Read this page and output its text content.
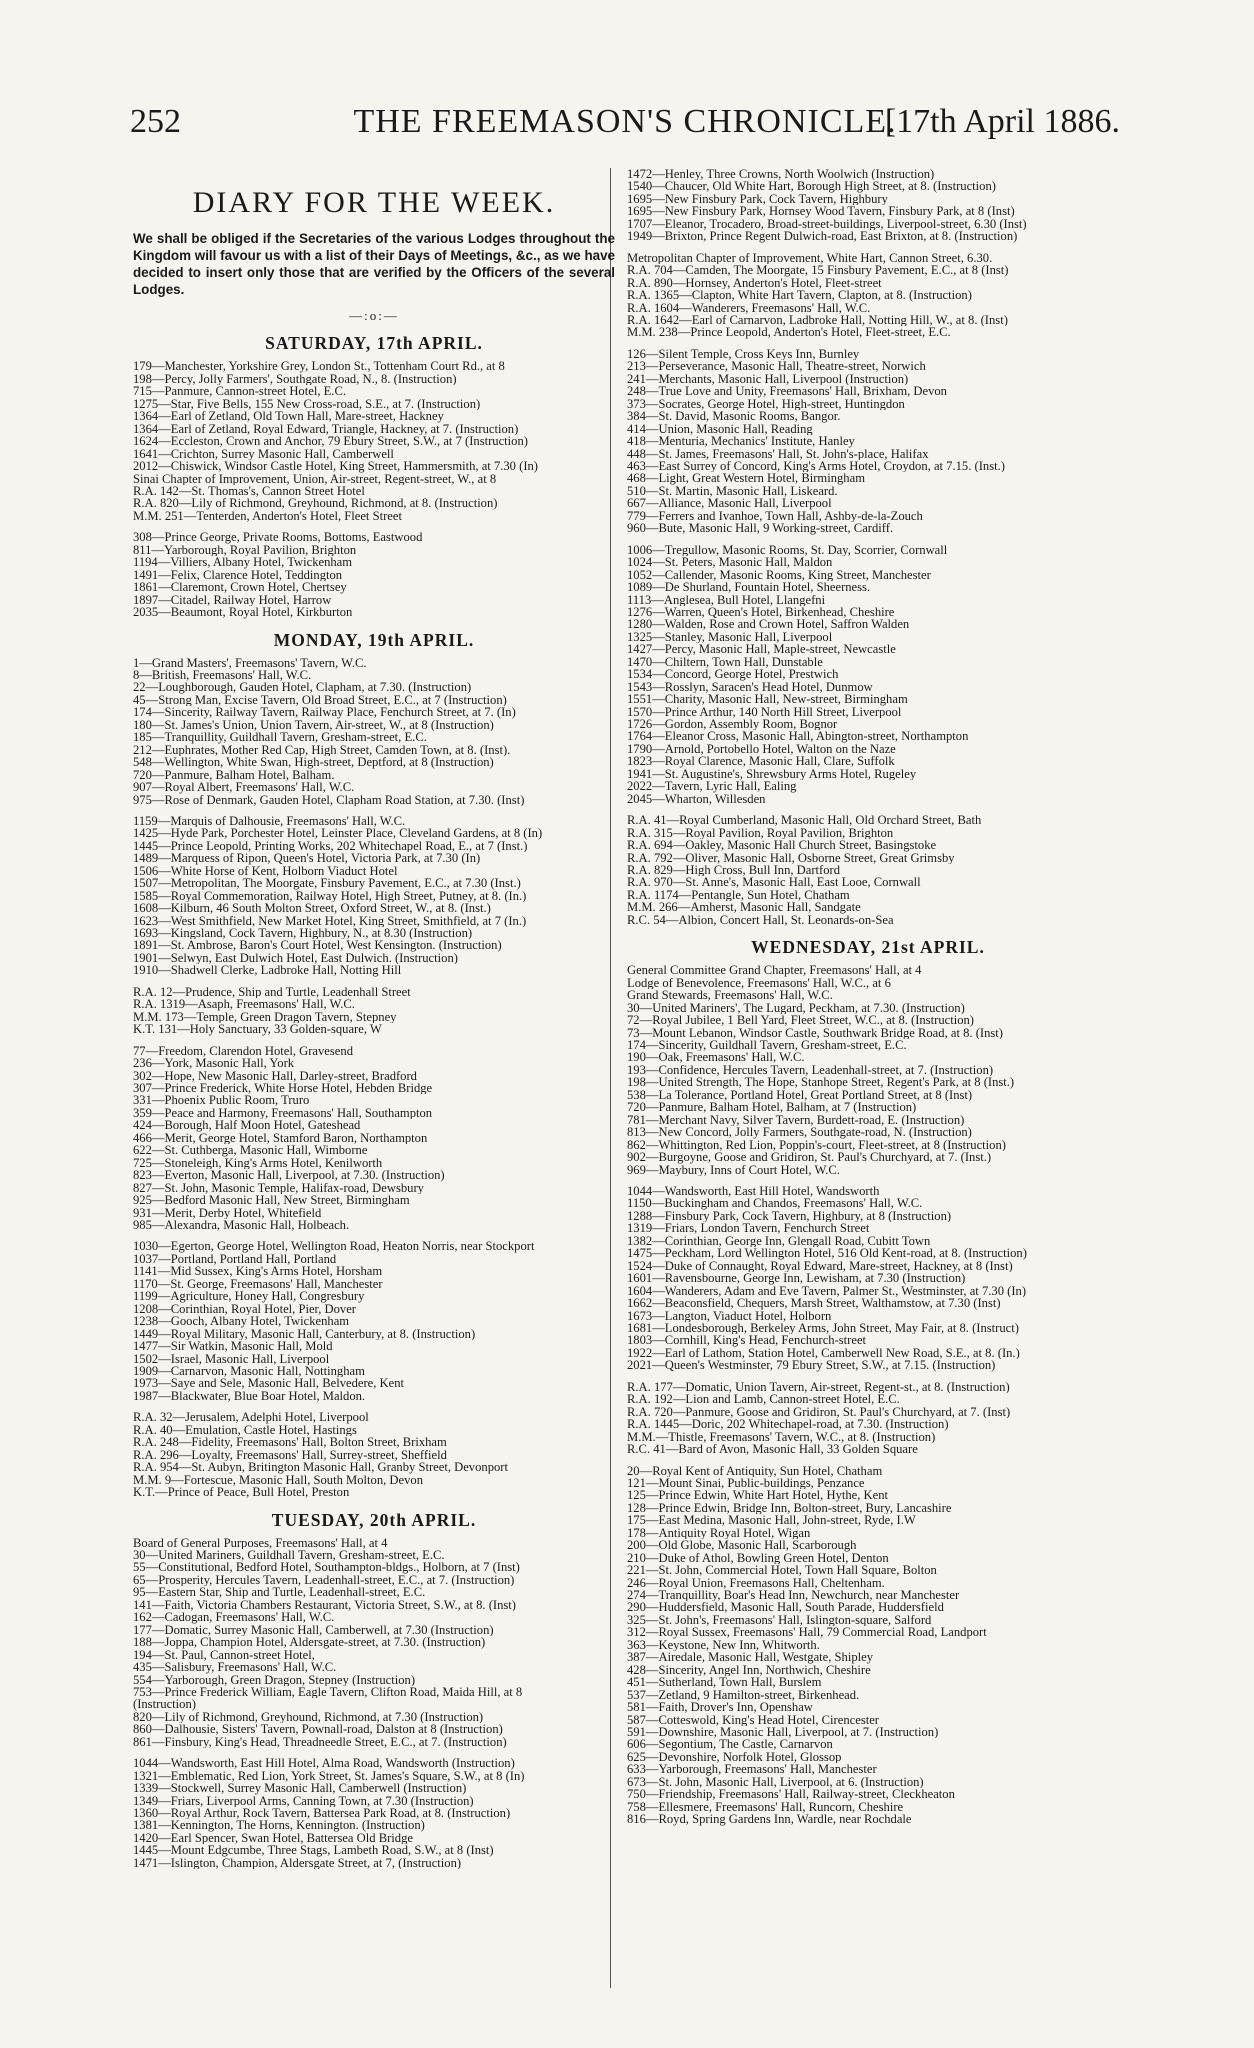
252	THE FREEMASON'S CHRONICLE.
[17th April 1886.
DIARY FOR THE WEEK.
We shall be obliged if the Secretaries of the various Lodges throughout the Kingdom will favour us with a list of their Days of Meetings, &c., as we have decided to insert only those that are verified by the Officers of the several Lodges.
—:o:—
SATURDAY, 17th APRIL.
179—Manchester, Yorkshire Grey, London St., Tottenham Court Rd., at 8
198—Percy, Jolly Farmers', Southgate Road, N., 8. (Instruction)
715—Panmure, Cannon-street Hotel, E.C.
1275—Star, Five Bells, 155 New Cross-road, S.E., at 7. (Instruction)
1364—Earl of Zetland, Old Town Hall, Mare-street, Hackney
1364—Earl of Zetland, Royal Edward, Triangle, Hackney, at 7. (Instruction)
1624—Eccleston, Crown and Anchor, 79 Ebury Street, S.W., at 7 (Instruction)
1641—Crichton, Surrey Masonic Hall, Camberwell
2012—Chiswick, Windsor Castle Hotel, King Street, Hammersmith, at 7.30 (In)
Sinai Chapter of Improvement, Union, Air-street, Regent-street, W., at 8
R.A. 142—St. Thomas's, Cannon Street Hotel
R.A. 820—Lily of Richmond, Greyhound, Richmond, at 8. (Instruction)
M.M. 251—Tenterden, Anderton's Hotel, Fleet Street
308—Prince George, Private Rooms, Bottoms, Eastwood
811—Yarborough, Royal Pavilion, Brighton
1194—Villiers, Albany Hotel, Twickenham
1491—Felix, Clarence Hotel, Teddington
1861—Claremont, Crown Hotel, Chertsey
1897—Citadel, Railway Hotel, Harrow
2035—Beaumont, Royal Hotel, Kirkburton
MONDAY, 19th APRIL.
1—Grand Masters', Freemasons' Tavern, W.C.
8—British, Freemasons' Hall, W.C.
22—Loughborough, Gauden Hotel, Clapham, at 7.30. (Instruction)
45—Strong Man, Excise Tavern, Old Broad Street, E.C., at 7 (Instruction)
174—Sincerity, Railway Tavern, Railway Place, Fenchurch Street, at 7. (In)
180—St. James's Union, Union Tavern, Air-street, W., at 8 (Instruction)
185—Tranquillity, Guildhall Tavern, Gresham-street, E.C.
212—Euphrates, Mother Red Cap, High Street, Camden Town, at 8. (Inst).
548—Wellington, White Swan, High-street, Deptford, at 8 (Instruction)
720—Panmure, Balham Hotel, Balham.
907—Royal Albert, Freemasons' Hall, W.C.
975—Rose of Denmark, Gauden Hotel, Clapham Road Station, at 7.30. (Inst)
1159—Marquis of Dalhousie, Freemasons' Hall, W.C.
1425—Hyde Park, Porchester Hotel, Leinster Place, Cleveland Gardens, at 8 (In)
1445—Prince Leopold, Printing Works, 202 Whitechapel Road, E., at 7 (Inst.)
1489—Marquess of Ripon, Queen's Hotel, Victoria Park, at 7.30 (In)
1506—White Horse of Kent, Holborn Viaduct Hotel
1507—Metropolitan, The Moorgate, Finsbury Pavement, E.C., at 7.30 (Inst.)
1585—Royal Commemoration, Railway Hotel, High Street, Putney, at 8. (In.)
1608—Kilburn, 46 South Molton Street, Oxford Street, W., at 8. (Inst.)
1623—West Smithfield, New Market Hotel, King Street, Smithfield, at 7 (In.)
1693—Kingsland, Cock Tavern, Highbury, N., at 8.30 (Instruction)
1891—St. Ambrose, Baron's Court Hotel, West Kensington. (Instruction)
1901—Selwyn, East Dulwich Hotel, East Dulwich. (Instruction)
1910—Shadwell Clerke, Ladbroke Hall, Notting Hill
R.A. 12—Prudence, Ship and Turtle, Leadenhall Street
R.A. 1319—Asaph, Freemasons' Hall, W.C.
M.M. 173—Temple, Green Dragon Tavern, Stepney
K.T. 131—Holy Sanctuary, 33 Golden-square, W
77—Freedom, Clarendon Hotel, Gravesend
236—York, Masonic Hall, York
302—Hope, New Masonic Hall, Darley-street, Bradford
307—Prince Frederick, White Horse Hotel, Hebden Bridge
331—Phoenix Public Room, Truro
359—Peace and Harmony, Freemasons' Hall, Southampton
424—Borough, Half Moon Hotel, Gateshead
466—Merit, George Hotel, Stamford Baron, Northampton
622—St. Cuthberga, Masonic Hall, Wimborne
725—Stoneleigh, King's Arms Hotel, Kenilworth
823—Everton, Masonic Hall, Liverpool, at 7.30. (Instruction)
827—St. John, Masonic Temple, Halifax-road, Dewsbury
925—Bedford Masonic Hall, New Street, Birmingham
931—Merit, Derby Hotel, Whitefield
985—Alexandra, Masonic Hall, Holbeach.
1030—Egerton, George Hotel, Wellington Road, Heaton Norris, near Stockport
1037—Portland, Portland Hall, Portland
1141—Mid Sussex, King's Arms Hotel, Horsham
1170—St. George, Freemasons' Hall, Manchester
1199—Agriculture, Honey Hall, Congresbury
1208—Corinthian, Royal Hotel, Pier, Dover
1238—Gooch, Albany Hotel, Twickenham
1449—Royal Military, Masonic Hall, Canterbury, at 8. (Instruction)
1477—Sir Watkin, Masonic Hall, Mold
1502—Israel, Masonic Hall, Liverpool
1909—Carnarvon, Masonic Hall, Nottingham
1973—Saye and Sele, Masonic Hall, Belvedere, Kent
1987—Blackwater, Blue Boar Hotel, Maldon.
R.A. 32—Jerusalem, Adelphi Hotel, Liverpool
R.A. 40—Emulation, Castle Hotel, Hastings
R.A. 248—Fidelity, Freemasons' Hall, Bolton Street, Brixham
R.A. 296—Loyalty, Freemasons' Hall, Surrey-street, Sheffield
R.A. 954—St. Aubyn, Britington Masonic Hall, Granby Street, Devonport
M.M. 9—Fortescue, Masonic Hall, South Molton, Devon
K.T.—Prince of Peace, Bull Hotel, Preston
TUESDAY, 20th APRIL.
Board of General Purposes, Freemasons' Hall, at 4
30—United Mariners, Guildhall Tavern, Gresham-street, E.C.
55—Constitutional, Bedford Hotel, Southampton-bldgs., Holborn, at 7 (Inst)
65—Prosperity, Hercules Tavern, Leadenhall-street, E.C., at 7. (Instruction)
95—Eastern Star, Ship and Turtle, Leadenhall-street, E.C.
141—Faith, Victoria Chambers Restaurant, Victoria Street, S.W., at 8. (Inst)
162—Cadogan, Freemasons' Hall, W.C.
177—Domatic, Surrey Masonic Hall, Camberwell, at 7.30 (Instruction)
188—Joppa, Champion Hotel, Aldersgate-street, at 7.30. (Instruction)
194—St. Paul, Cannon-street Hotel,
435—Salisbury, Freemasons' Hall, W.C.
554—Yarborough, Green Dragon, Stepney (Instruction)
753—Prince Frederick William, Eagle Tavern, Clifton Road, Maida Hill, at 8
(Instruction)
820—Lily of Richmond, Greyhound, Richmond, at 7.30 (Instruction)
860—Dalhousie, Sisters' Tavern, Pownall-road, Dalston at 8 (Instruction)
861—Finsbury, King's Head, Threadneedle Street, E.C., at 7. (Instruction)
1044—Wandsworth, East Hill Hotel, Alma Road, Wandsworth (Instruction)
1321—Emblematic, Red Lion, York Street, St. James's Square, S.W., at 8 (In)
1339—Stockwell, Surrey Masonic Hall, Camberwell (Instruction)
1349—Friars, Liverpool Arms, Canning Town, at 7.30 (Instruction)
1360—Royal Arthur, Rock Tavern, Battersea Park Road, at 8. (Instruction)
1381—Kennington, The Horns, Kennington. (Instruction)
1420—Earl Spencer, Swan Hotel, Battersea Old Bridge
1445—Mount Edgcumbe, Three Stags, Lambeth Road, S.W., at 8 (Inst)
1471—Islington, Champion, Aldersgate Street, at 7, (Instruction)
1472—Henley, Three Crowns, North Woolwich (Instruction)
1540—Chaucer, Old White Hart, Borough High Street, at 8. (Instruction)
1695—New Finsbury Park, Cock Tavern, Highbury
1695—New Finsbury Park, Hornsey Wood Tavern, Finsbury Park, at 8 (Inst)
1707—Eleanor, Trocadero, Broad-street-buildings, Liverpool-street, 6.30 (Inst)
1949—Brixton, Prince Regent Dulwich-road, East Brixton, at 8. (Instruction)
Metropolitan Chapter of Improvement, White Hart, Cannon Street, 6.30.
R.A. 704—Camden, The Moorgate, 15 Finsbury Pavement, E.C., at 8 (Inst)
R.A. 890—Hornsey, Anderton's Hotel, Fleet-street
R.A. 1365—Clapton, White Hart Tavern, Clapton, at 8. (Instruction)
R.A. 1604—Wanderers, Freemasons' Hall, W.C.
R.A. 1642—Earl of Carnarvon, Ladbroke Hall, Notting Hill, W., at 8. (Inst)
M.M. 238—Prince Leopold, Anderton's Hotel, Fleet-street, E.C.
126—Silent Temple, Cross Keys Inn, Burnley
213—Perseverance, Masonic Hall, Theatre-street, Norwich
241—Merchants, Masonic Hall, Liverpool (Instruction)
248—True Love and Unity, Freemasons' Hall, Brixham, Devon
373—Socrates, George Hotel, High-street, Huntingdon
384—St. David, Masonic Rooms, Bangor.
414—Union, Masonic Hall, Reading
418—Menturia, Mechanics' Institute, Hanley
448—St. James, Freemasons' Hall, St. John's-place, Halifax
463—East Surrey of Concord, King's Arms Hotel, Croydon, at 7.15. (Inst.)
468—Light, Great Western Hotel, Birmingham
510—St. Martin, Masonic Hall, Liskeard.
667—Alliance, Masonic Hall, Liverpool
779—Ferrers and Ivanhoe, Town Hall, Ashby-de-la-Zouch
960—Bute, Masonic Hall, 9 Working-street, Cardiff.
1006—Tregullow, Masonic Rooms, St. Day, Scorrier, Cornwall
1024—St. Peters, Masonic Hall, Maldon
1052—Callender, Masonic Rooms, King Street, Manchester
1089—De Shurland, Fountain Hotel, Sheerness.
1113—Anglesea, Bull Hotel, Llangefni
1276—Warren, Queen's Hotel, Birkenhead, Cheshire
1280—Walden, Rose and Crown Hotel, Saffron Walden
1325—Stanley, Masonic Hall, Liverpool
1427—Percy, Masonic Hall, Maple-street, Newcastle
1470—Chiltern, Town Hall, Dunstable
1534—Concord, George Hotel, Prestwich
1543—Rosslyn, Saracen's Head Hotel, Dunmow
1551—Charity, Masonic Hall, New-street, Birmingham
1570—Prince Arthur, 140 North Hill Street, Liverpool
1726—Gordon, Assembly Room, Bognor
1764—Eleanor Cross, Masonic Hall, Abington-street, Northampton
1790—Arnold, Portobello Hotel, Walton on the Naze
1823—Royal Clarence, Masonic Hall, Clare, Suffolk
1941—St. Augustine's, Shrewsbury Arms Hotel, Rugeley
2022—Tavern, Lyric Hall, Ealing
2045—Wharton, Willesden
R.A. 41—Royal Cumberland, Masonic Hall, Old Orchard Street, Bath
R.A. 315—Royal Pavilion, Royal Pavilion, Brighton
R.A. 694—Oakley, Masonic Hall Church Street, Basingstoke
R.A. 792—Oliver, Masonic Hall, Osborne Street, Great Grimsby
R.A. 829—High Cross, Bull Inn, Dartford
R.A. 970—St. Anne's, Masonic Hall, East Looe, Cornwall
R.A. 1174—Pentangle, Sun Hotel, Chatham
M.M. 266—Amherst, Masonic Hall, Sandgate
R.C. 54—Albion, Concert Hall, St. Leonards-on-Sea
WEDNESDAY, 21st APRIL.
General Committee Grand Chapter, Freemasons' Hall, at 4
Lodge of Benevolence, Freemasons' Hall, W.C., at 6
Grand Stewards, Freemasons' Hall, W.C.
30—United Mariners', The Lugard, Peckham, at 7.30. (Instruction)
72—Royal Jubilee, 1 Bell Yard, Fleet Street, W.C., at 8. (Instruction)
73—Mount Lebanon, Windsor Castle, Southwark Bridge Road, at 8. (Inst)
174—Sincerity, Guildhall Tavern, Gresham-street, E.C.
190—Oak, Freemasons' Hall, W.C.
193—Confidence, Hercules Tavern, Leadenhall-street, at 7. (Instruction)
198—United Strength, The Hope, Stanhope Street, Regent's Park, at 8 (Inst.)
538—La Tolerance, Portland Hotel, Great Portland Street, at 8 (Inst)
720—Panmure, Balham Hotel, Balham, at 7 (Instruction)
781—Merchant Navy, Silver Tavern, Burdett-road, E. (Instruction)
813—New Concord, Jolly Farmers, Southgate-road, N. (Instruction)
862—Whittington, Red Lion, Poppin's-court, Fleet-street, at 8 (Instruction)
902—Burgoyne, Goose and Gridiron, St. Paul's Churchyard, at 7. (Inst.)
969—Maybury, Inns of Court Hotel, W.C.
1044—Wandsworth, East Hill Hotel, Wandsworth
1150—Buckingham and Chandos, Freemasons' Hall, W.C.
1288—Finsbury Park, Cock Tavern, Highbury, at 8 (Instruction)
1319—Friars, London Tavern, Fenchurch Street
1382—Corinthian, George Inn, Glengall Road, Cubitt Town
1475—Peckham, Lord Wellington Hotel, 516 Old Kent-road, at 8. (Instruction)
1524—Duke of Connaught, Royal Edward, Mare-street, Hackney, at 8 (Inst)
1601—Ravensbourne, George Inn, Lewisham, at 7.30 (Instruction)
1604—Wanderers, Adam and Eve Tavern, Palmer St., Westminster, at 7.30 (In)
1662—Beaconsfield, Chequers, Marsh Street, Walthamstow, at 7.30 (Inst)
1673—Langton, Viaduct Hotel, Holborn
1681—Londesborough, Berkeley Arms, John Street, May Fair, at 8. (Instruct)
1803—Cornhill, King's Head, Fenchurch-street
1922—Earl of Lathom, Station Hotel, Camberwell New Road, S.E., at 8. (In.)
2021—Queen's Westminster, 79 Ebury Street, S.W., at 7.15. (Instruction)
R.A. 177—Domatic, Union Tavern, Air-street, Regent-st., at 8. (Instruction)
R.A. 192—Lion and Lamb, Cannon-street Hotel, E.C.
R.A. 720—Panmure, Goose and Gridiron, St. Paul's Churchyard, at 7. (Inst)
R.A. 1445—Doric, 202 Whitechapel-road, at 7.30. (Instruction)
M.M.—Thistle, Freemasons' Tavern, W.C., at 8. (Instruction)
R.C. 41—Bard of Avon, Masonic Hall, 33 Golden Square
20—Royal Kent of Antiquity, Sun Hotel, Chatham
121—Mount Sinai, Public-buildings, Penzance
125—Prince Edwin, White Hart Hotel, Hythe, Kent
128—Prince Edwin, Bridge Inn, Bolton-street, Bury, Lancashire
175—East Medina, Masonic Hall, John-street, Ryde, I.W
178—Antiquity Royal Hotel, Wigan
200—Old Globe, Masonic Hall, Scarborough
210—Duke of Athol, Bowling Green Hotel, Denton
221—St. John, Commercial Hotel, Town Hall Square, Bolton
246—Royal Union, Freemasons Hall, Cheltenham.
274—Tranquillity, Boar's Head Inn, Newchurch, near Manchester
290—Huddersfield, Masonic Hall, South Parade, Huddersfield
325—St. John's, Freemasons' Hall, Islington-square, Salford
312—Royal Sussex, Freemasons' Hall, 79 Commercial Road, Landport
363—Keystone, New Inn, Whitworth.
387—Airedale, Masonic Hall, Westgate, Shipley
428—Sincerity, Angel Inn, Northwich, Cheshire
451—Sutherland, Town Hall, Burslem
537—Zetland, 9 Hamilton-street, Birkenhead.
581—Faith, Drover's Inn, Openshaw
587—Cotteswold, King's Head Hotel, Cirencester
591—Downshire, Masonic Hall, Liverpool, at 7. (Instruction)
606—Segontium, The Castle, Carnarvon
625—Devonshire, Norfolk Hotel, Glossop
633—Yarborough, Freemasons' Hall, Manchester
673—St. John, Masonic Hall, Liverpool, at 6. (Instruction)
750—Friendship, Freemasons' Hall, Railway-street, Cleckheaton
758—Ellesmere, Freemasons' Hall, Runcorn, Cheshire
816—Royd, Spring Gardens Inn, Wardle, near Rochdale
